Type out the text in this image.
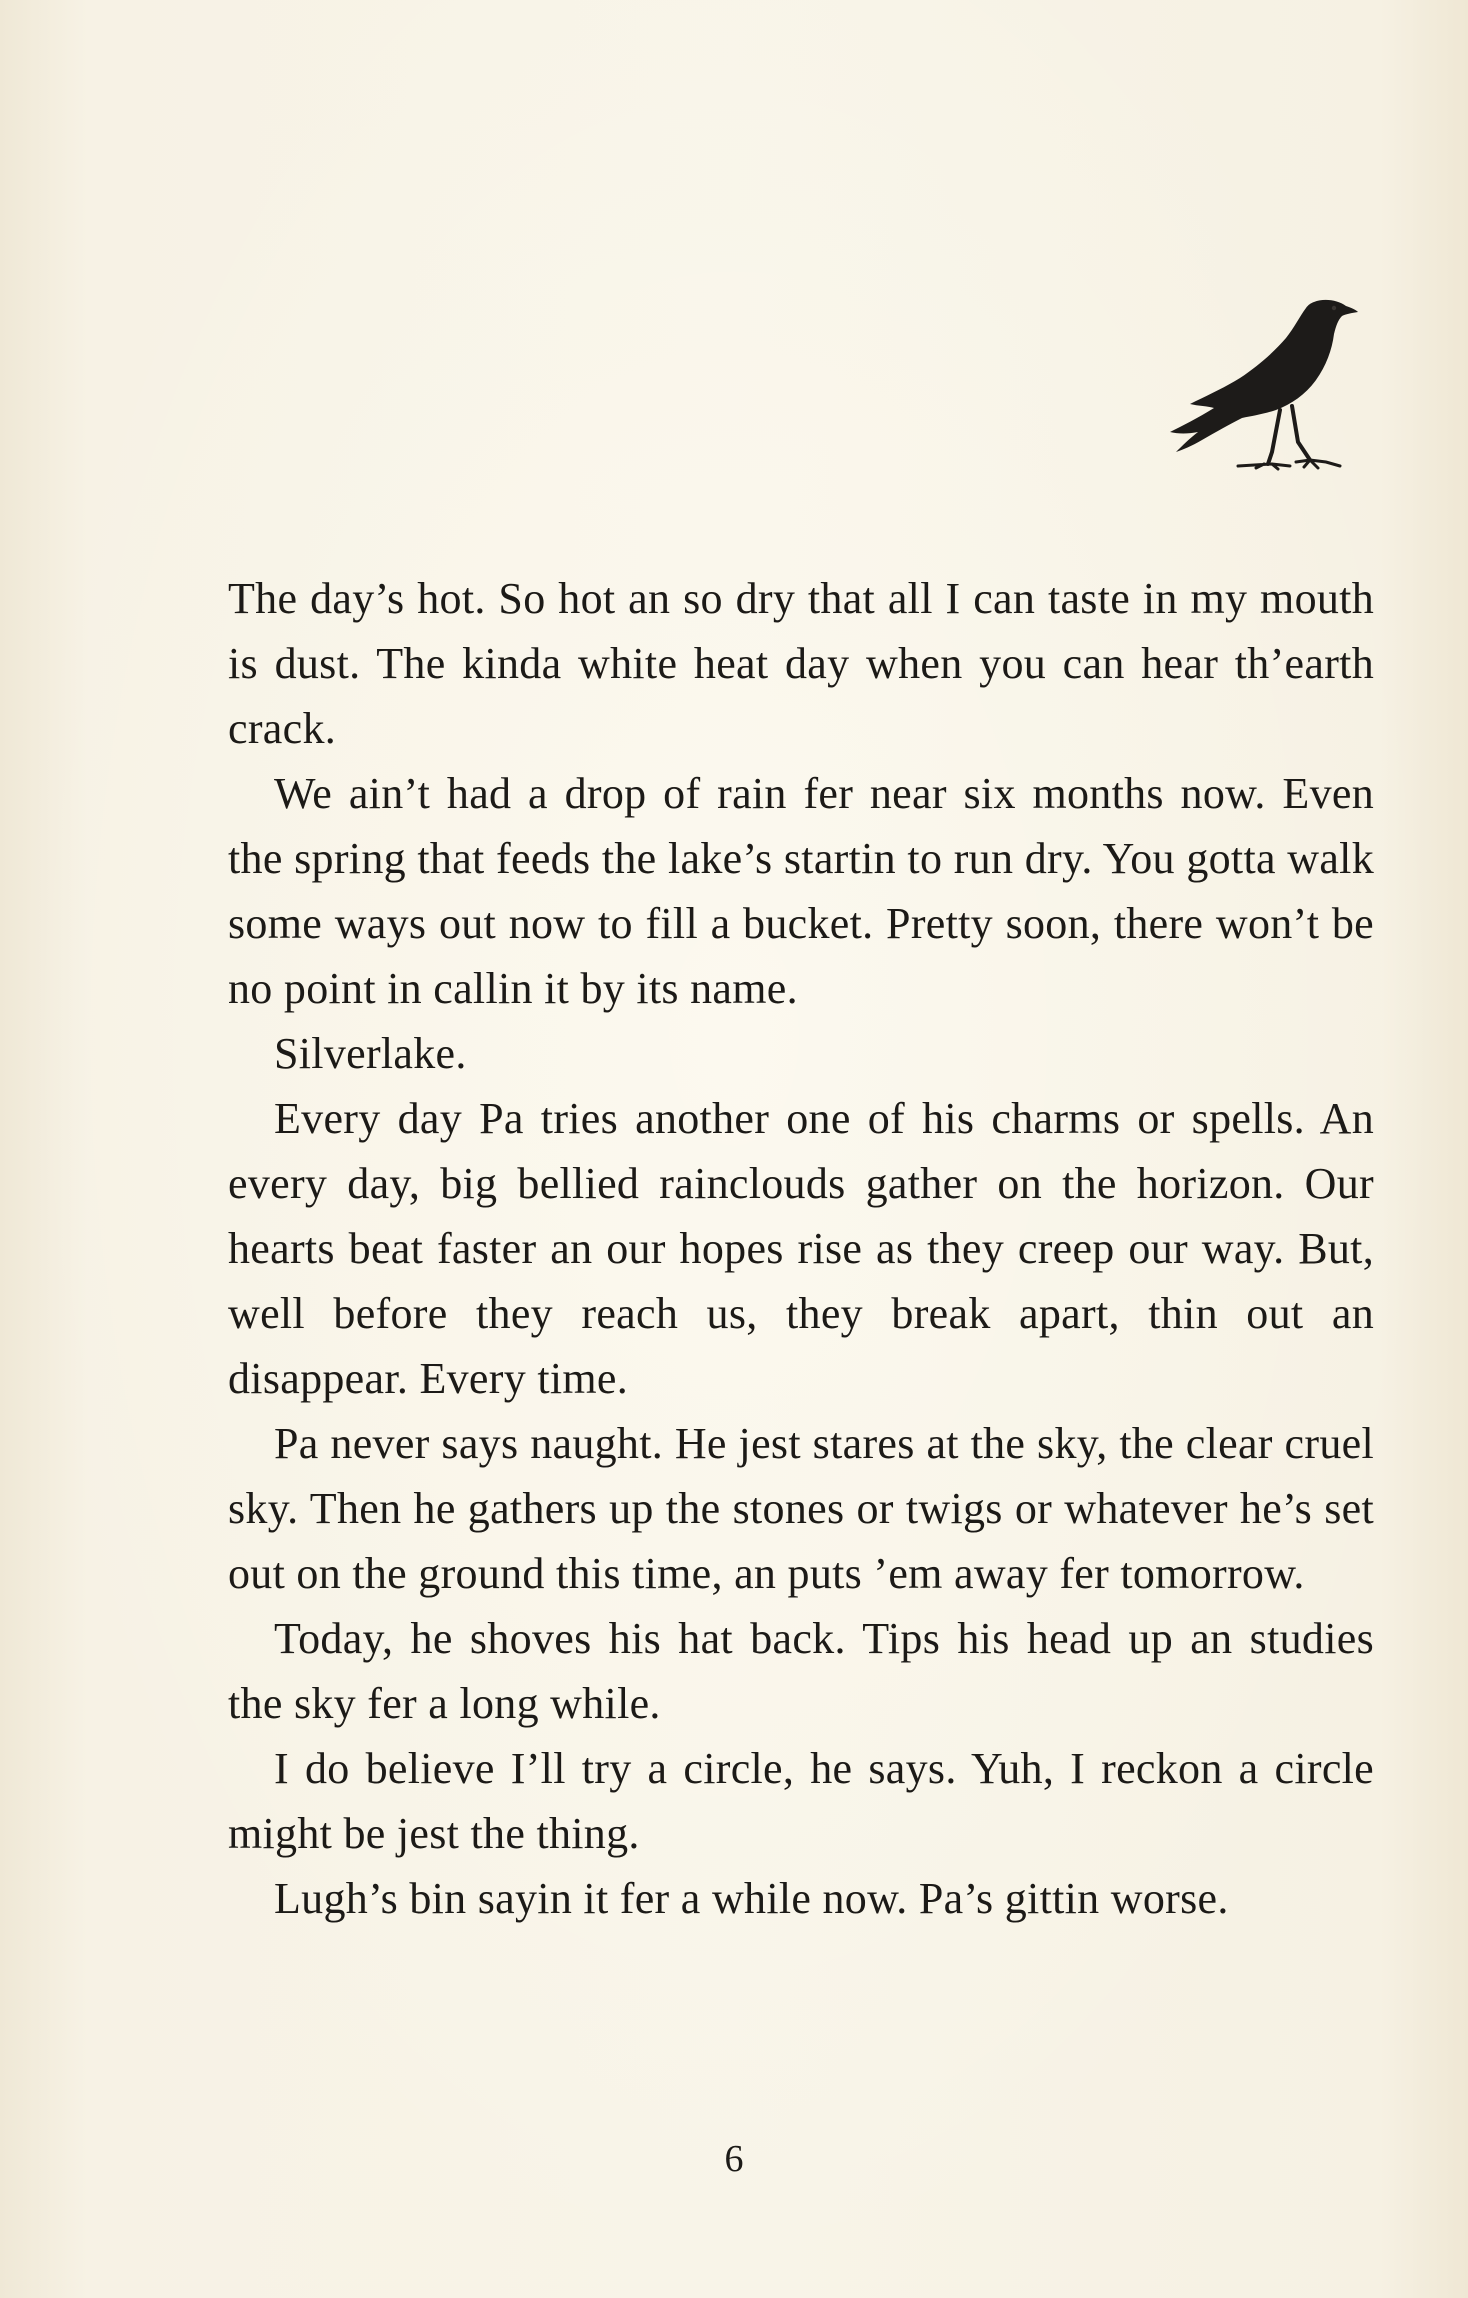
The day’s hot. So hot an so dry that all I can taste in my mouth is dust. The kinda white heat day when you can hear th’earth crack.

We ain’t had a drop of rain fer near six months now. Even the spring that feeds the lake’s startin to run dry. You gotta walk some ways out now to fill a bucket. Pretty soon, there won’t be no point in callin it by its name.

Silverlake.

Every day Pa tries another one of his charms or spells. An every day, big bellied rainclouds gather on the horizon. Our hearts beat faster an our hopes rise as they creep our way. But, well before they reach us, they break apart, thin out an disappear. Every time.

Pa never says naught. He jest stares at the sky, the clear cruel sky. Then he gathers up the stones or twigs or whatever he’s set out on the ground this time, an puts ’em away fer tomorrow.

Today, he shoves his hat back. Tips his head up an studies the sky fer a long while.

I do believe I’ll try a circle, he says. Yuh, I reckon a circle might be jest the thing.

Lugh’s bin sayin it fer a while now. Pa’s gittin worse.

6
